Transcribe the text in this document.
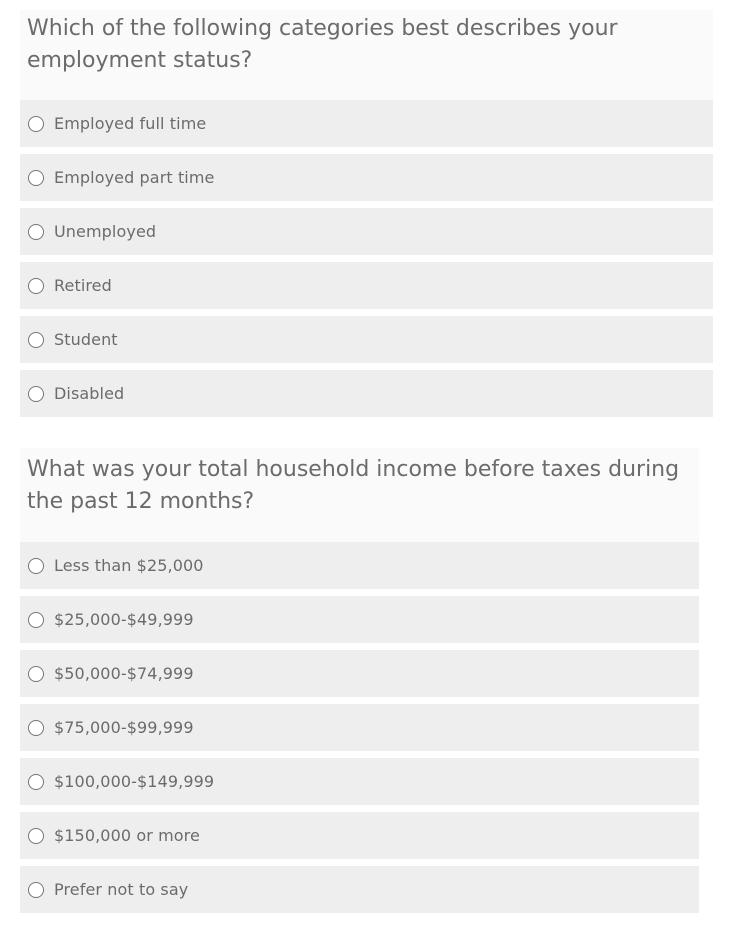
Which of the following categories best describes your employment status?
Employed full time
Employed part time
Unemployed
Retired
Student
Disabled
What was your total household income before taxes during the past 12 months?
Less than $25,000
$25,000-$49,999
$50,000-$74,999
$75,000-$99,999
$100,000-$149,999
$150,000 or more
Prefer not to say
